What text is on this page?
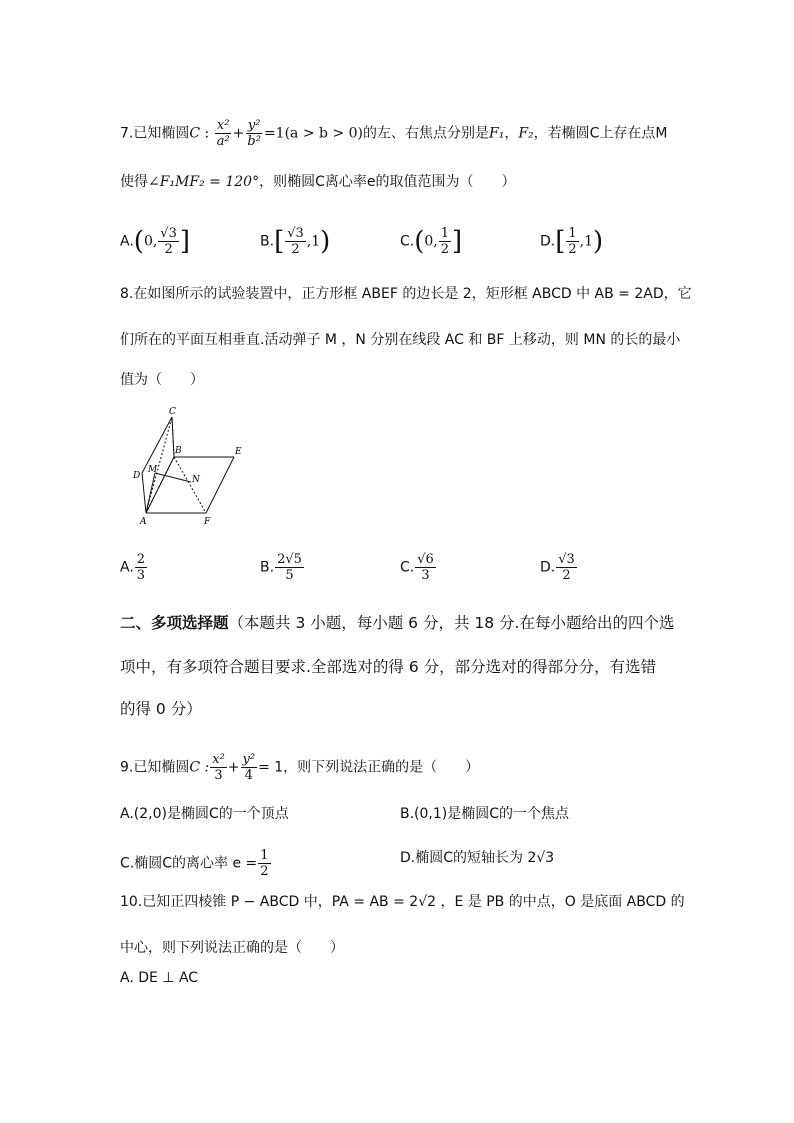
7.已知椭圆C : $\frac{\text{x²}}{\text{a²}} + \frac{\text{y²}}{\text{b²}} =1(a > b > 0)$的左、右焦点分别是F₁，F₂，若椭圆C上存在点M
使得∠F₁MF₂ = 120°，则椭圆C离心率e的取值范围为（　　）
A.(0, $\frac{√3}{2}$ ]	$B.[ \frac{√3}{2} ,1)$	C.(0, $\frac{1}{2}$ ]	$D.[ \frac{1}{2} ,1)$
8.在如图所示的试验装置中，正方形框 ABEF 的边长是 2，矩形框 ABCD 中 AB = 2AD，它
们所在的平面互相垂直.活动弹子 M ，N 分别在线段 AC 和 BF 上移动，则 MN 的长的最小
值为（　　）
C
B	E
D
M
N
A	F
A. $\frac{2}{3}$	B. $\frac{2√5}{5}$	C. $\frac{√6}{3}$	D. $\frac{√3}{2}$
二、多项选择题（本题共 3 小题，每小题 6 分，共 18 分.在每小题给出的四个选
项中，有多项符合题目要求.全部选对的得 6 分，部分选对的得部分分，有选错
的得 0 分）
9.已知椭圆C : $\frac{\text{x²}}{3} + \frac{\text{y²}}{4} = 1$，则下列说法正确的是（　　）
A.(2,0)是椭圆C的一个顶点	B.(0,1)是椭圆C的一个焦点
C.椭圆C的离心率 $e = \frac{1}{2}$	D.椭圆C的短轴长为 2√3
10.已知正四棱锥 P − ABCD 中，PA = AB = 2√2 ，E 是 PB 的中点，O 是底面 ABCD 的
中心，则下列说法正确的是（　　）
A. DE ⊥ AC
